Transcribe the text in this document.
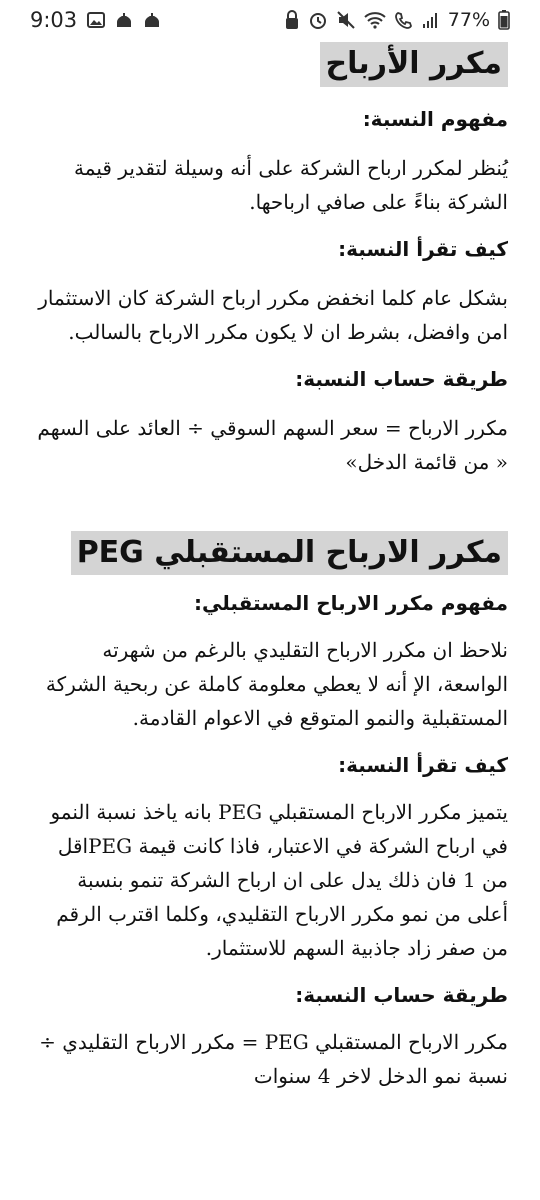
9:03	77%
مكرر الأرباح
مفهوم النسبة:

يُنظر لمكرر ارباح الشركة على أنه وسيلة لتقدير قيمة الشركة بناءً على صافي ارباحها.

كيف تقرأ النسبة:

بشكل عام كلما انخفض مكرر ارباح الشركة كان الاستثمار امن وافضل، بشرط ان لا يكون مكرر الارباح بالسالب.

طريقة حساب النسبة:

مكرر الارباح = سعر السهم السوقي ÷ العائد على السهم « من قائمة الدخل»

مكرر الارباح المستقبلي PEG
مفهوم مكرر الارباح المستقبلي:

نلاحظ ان مكرر الارباح التقليدي بالرغم من شهرته الواسعة، الإ أنه لا يعطي معلومة كاملة عن ربحية الشركة المستقبلية والنمو المتوقع في الاعوام القادمة.

كيف تقرأ النسبة:

يتميز مكرر الارباح المستقبلي PEG بانه ياخذ نسبة النمو في ارباح الشركة في الاعتبار، فاذا كانت قيمة PEGاقل من 1 فان ذلك يدل على ان ارباح الشركة تنمو بنسبة أعلى من نمو مكرر الارباح التقليدي، وكلما اقترب الرقم من صفر زاد جاذبية السهم للاستثمار.

طريقة حساب النسبة:

مكرر الارباح المستقبلي PEG = مكرر الارباح التقليدي ÷ نسبة نمو الدخل لاخر 4 سنوات
